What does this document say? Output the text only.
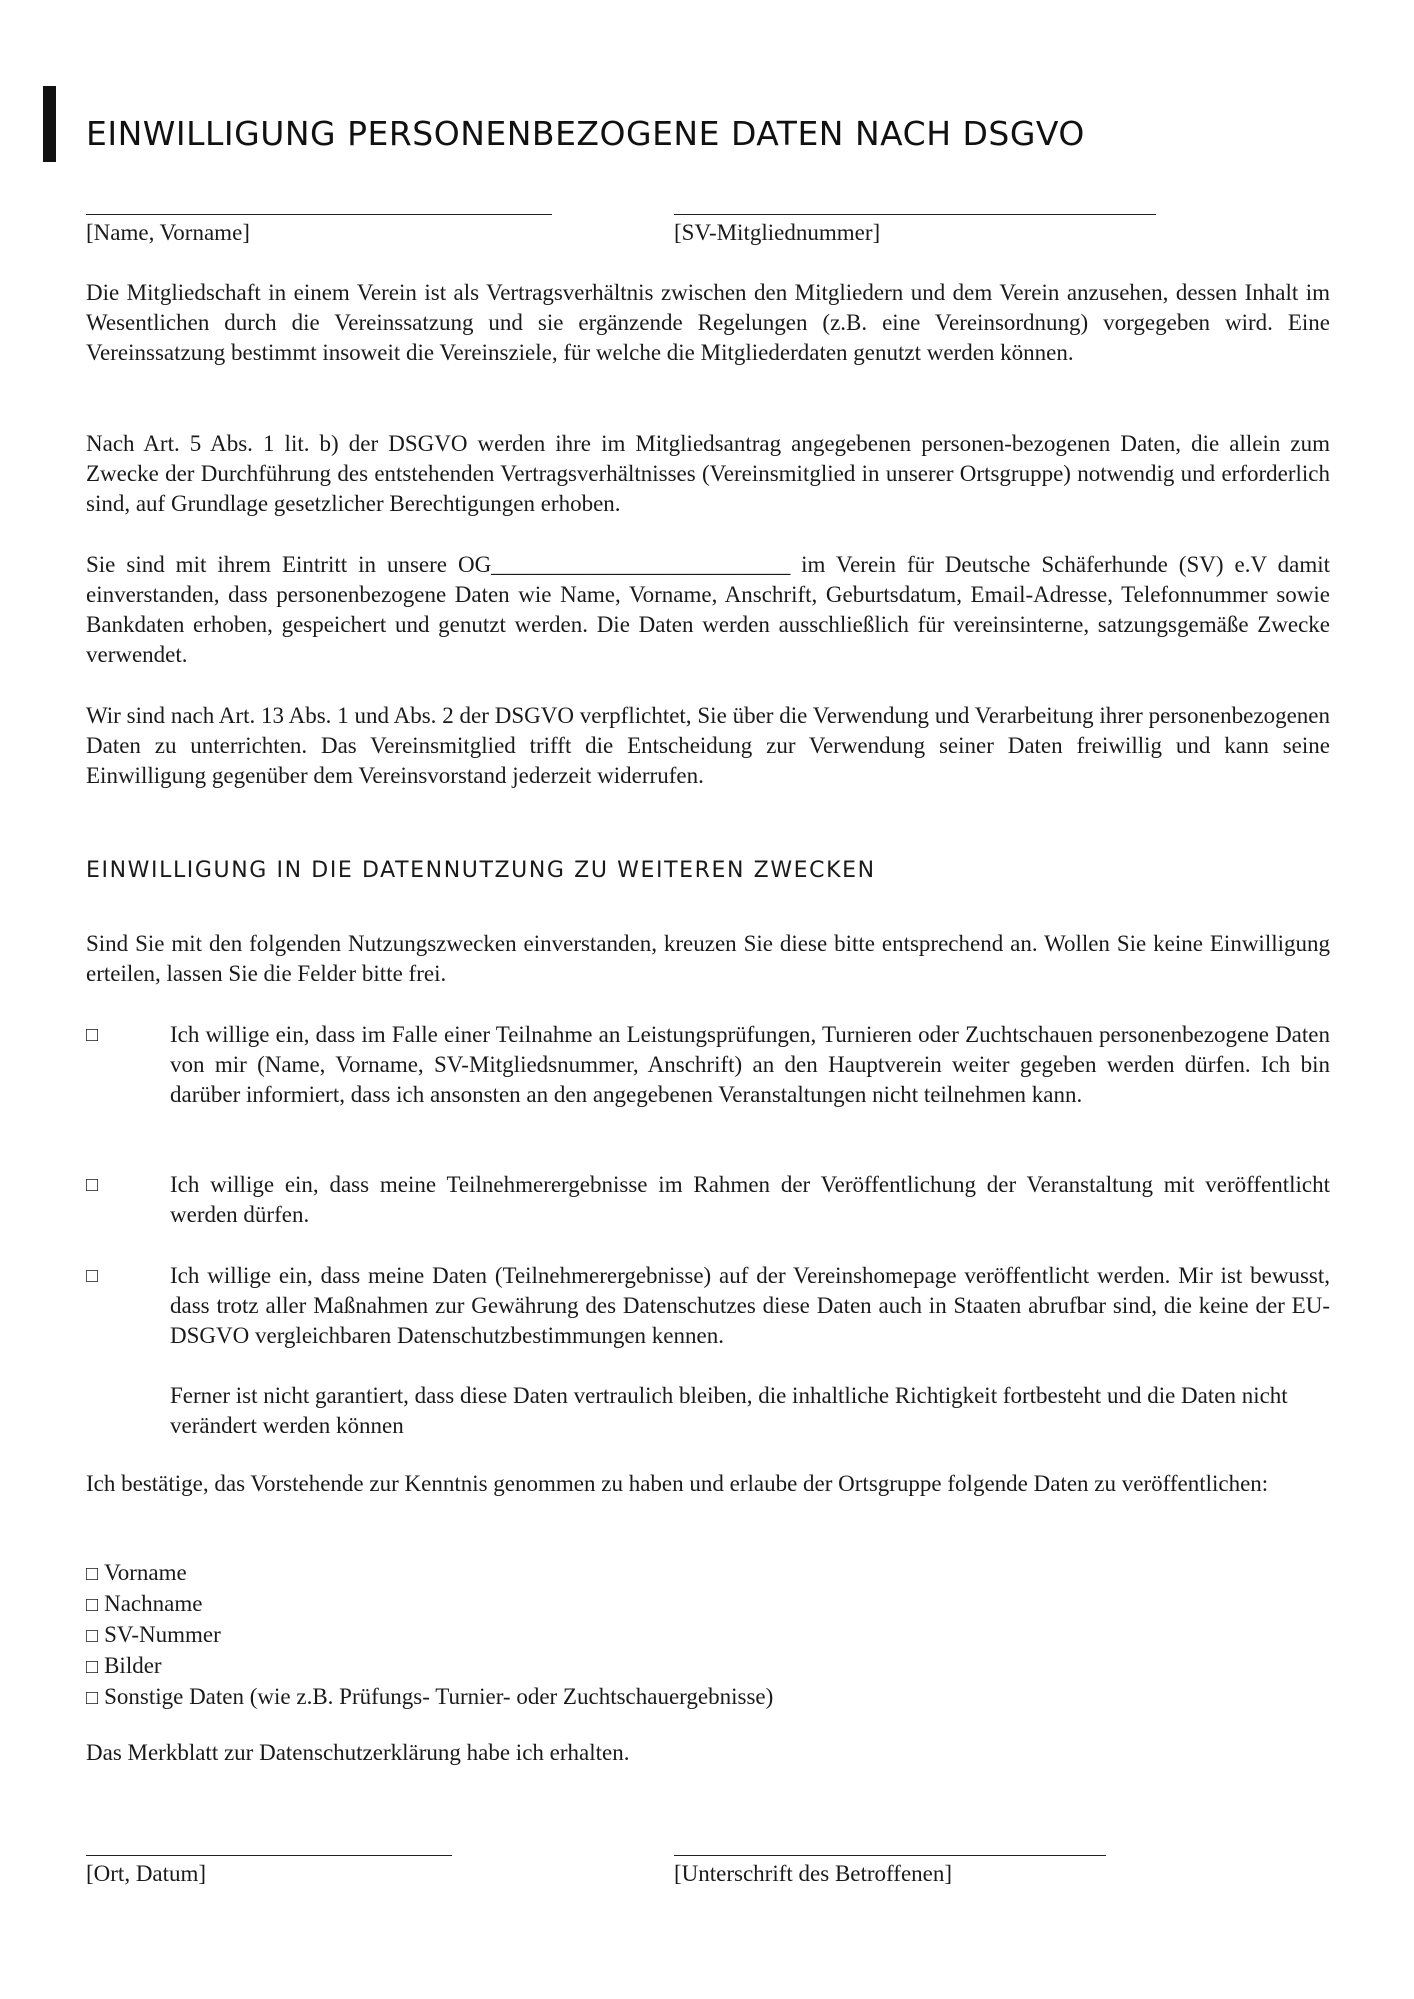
EINWILLIGUNG PERSONENBEZOGENE DATEN NACH DSGVO
[Name, Vorname]	[SV-Mitgliednummer]

Die Mitgliedschaft in einem Verein ist als Vertragsverhältnis zwischen den Mitgliedern und dem Verein anzusehen, dessen Inhalt im Wesentlichen durch die Vereinssatzung und sie ergänzende Regelungen (z.B. eine Vereinsordnung) vorgegeben wird. Eine Vereinssatzung bestimmt insoweit die Vereinsziele, für welche die Mitgliederdaten genutzt werden können.

Nach Art. 5 Abs. 1 lit. b) der DSGVO werden ihre im Mitgliedsantrag angegebenen personen-bezogenen Daten, die allein zum Zwecke der Durchführung des entstehenden Vertragsverhältnisses (Vereinsmitglied in unserer Ortsgruppe) notwendig und erforderlich sind, auf Grundlage gesetzlicher Berechtigungen erhoben.

Sie sind mit ihrem Eintritt in unsere OG__________________________ im Verein für Deutsche Schäferhunde (SV) e.V damit einverstanden, dass personenbezogene Daten wie Name, Vorname, Anschrift, Geburtsdatum, Email-Adresse, Telefonnummer sowie Bankdaten erhoben, gespeichert und genutzt werden. Die Daten werden ausschließlich für vereinsinterne, satzungsgemäße Zwecke verwendet.

Wir sind nach Art. 13 Abs. 1 und Abs. 2 der DSGVO verpflichtet, Sie über die Verwendung und Verarbeitung ihrer personenbezogenen Daten zu unterrichten. Das Vereinsmitglied trifft die Entscheidung zur Verwendung seiner Daten freiwillig und kann seine Einwilligung gegenüber dem Vereinsvorstand jederzeit widerrufen.

EINWILLIGUNG IN DIE DATENNUTZUNG ZU WEITEREN ZWECKEN

Sind Sie mit den folgenden Nutzungszwecken einverstanden, kreuzen Sie diese bitte entsprechend an. Wollen Sie keine Einwilligung erteilen, lassen Sie die Felder bitte frei.

□	Ich willige ein, dass im Falle einer Teilnahme an Leistungsprüfungen, Turnieren oder Zuchtschauen personenbezogene Daten von mir (Name, Vorname, SV-Mitgliedsnummer, Anschrift) an den Hauptverein weiter gegeben werden dürfen. Ich bin darüber informiert, dass ich ansonsten an den angegebenen Veranstaltungen nicht teilnehmen kann.

□	Ich willige ein, dass meine Teilnehmerergebnisse im Rahmen der Veröffentlichung der Veranstaltung mit veröffentlicht werden dürfen.

□	Ich willige ein, dass meine Daten (Teilnehmerergebnisse) auf der Vereinshomepage veröffentlicht werden. Mir ist bewusst, dass trotz aller Maßnahmen zur Gewährung des Datenschutzes diese Daten auch in Staaten abrufbar sind, die keine der EU-DSGVO vergleichbaren Datenschutzbestimmungen kennen.

Ferner ist nicht garantiert, dass diese Daten vertraulich bleiben, die inhaltliche Richtigkeit fortbesteht und die Daten nicht verändert werden können

Ich bestätige, das Vorstehende zur Kenntnis genommen zu haben und erlaube der Ortsgruppe folgende Daten zu veröffentlichen:

□ Vorname
□ Nachname
□ SV-Nummer
□ Bilder
□ Sonstige Daten (wie z.B. Prüfungs- Turnier- oder Zuchtschauergebnisse)

Das Merkblatt zur Datenschutzerklärung habe ich erhalten.

[Ort, Datum]	[Unterschrift des Betroffenen]
